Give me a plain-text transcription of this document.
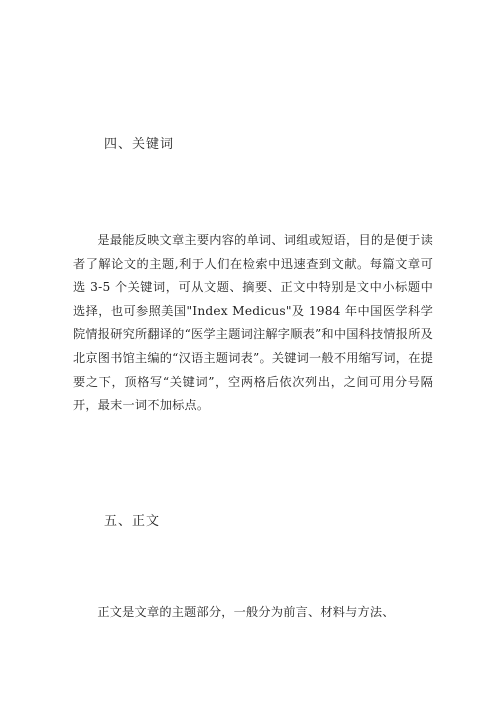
四、关键词

是最能反映文章主要内容的单词、词组或短语，目的是便于读者了解论文的主题,利于人们在检索中迅速查到文献。每篇文章可选 3-5 个关键词，可从文题、摘要、正文中特别是文中小标题中选择，也可参照美国"Index Medicus"及 1984 年中国医学科学院情报研究所翻译的“医学主题词注解字顺表”和中国科技情报所及北京图书馆主编的“汉语主题词表”。关键词一般不用缩写词，在提要之下，顶格写“关键词”，空两格后依次列出，之间可用分号隔开，最末一词不加标点。

五、正文

正文是文章的主题部分，一般分为前言、材料与方法、
